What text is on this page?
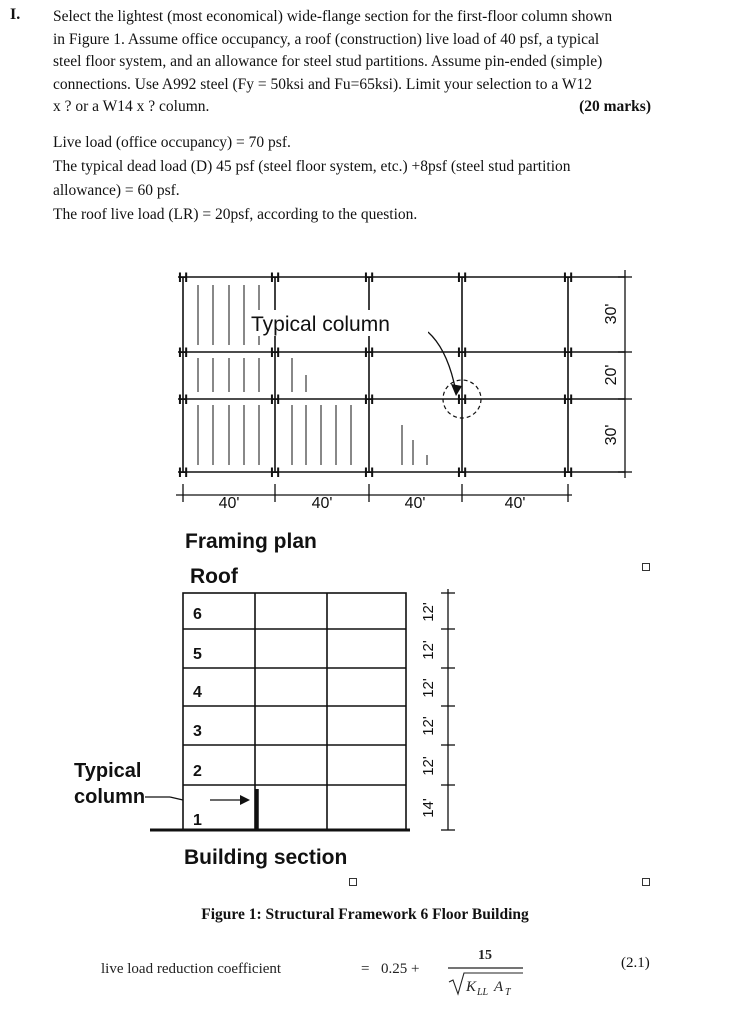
I. Select the lightest (most economical) wide-flange section for the first-floor column shown
in Figure 1. Assume office occupancy, a roof (construction) live load of 40 psf, a typical
steel floor system, and an allowance for steel stud partitions. Assume pin-ended (simple)
connections. Use A992 steel (Fy = 50ksi and Fu=65ksi). Limit your selection to a W12
x ? or a W14 x ? column.	(20 marks)
Live load (office occupancy) = 70 psf.
The typical dead load (D) 45 psf (steel floor system, etc.) +8psf (steel stud partition
allowance) = 60 psf.
The roof live load (LR) = 20psf, according to the question.
H	H	H	H	H
H	H	H	H	H
H	H	H	H	H
H	H	H	H	H
Typical column
40'	40'	40'	40'
30'
20'
30'
Framing plan
Roof
6
5
4
3
2
1
12'
12'
12'
12'
12'
14'
Typical
column
Building section
Figure 1: Structural Framework 6 Floor Building
live load reduction coefficient	= 0.25 +
15
K LL A T
(2.1)
